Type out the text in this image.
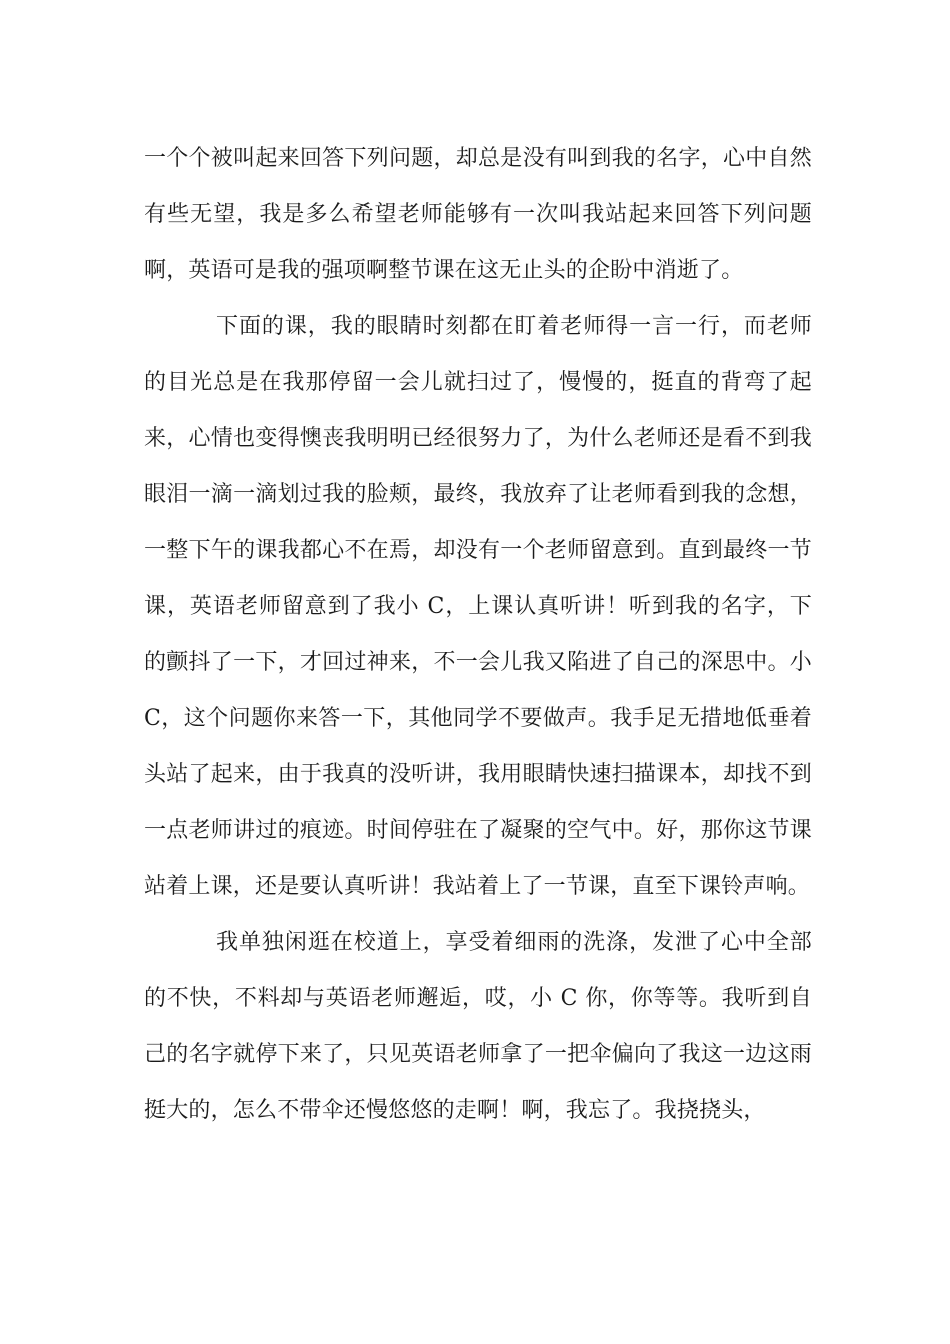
一个个被叫起来回答下列问题，却总是没有叫到我的名字，心中自然有些无望，我是多么希望老师能够有一次叫我站起来回答下列问题啊，英语可是我的强项啊整节课在这无止头的企盼中消逝了。

下面的课，我的眼睛时刻都在盯着老师得一言一行，而老师的目光总是在我那停留一会儿就扫过了，慢慢的，挺直的背弯了起来，心情也变得懊丧我明明已经很努力了，为什么老师还是看不到我眼泪一滴一滴划过我的脸颊，最终，我放弃了让老师看到我的念想，一整下午的课我都心不在焉，却没有一个老师留意到。直到最终一节课，英语老师留意到了我小 C，上课认真听讲！听到我的名字，下的颤抖了一下，才回过神来，不一会儿我又陷进了自己的深思中。小 C，这个问题你来答一下，其他同学不要做声。我手足无措地低垂着头站了起来，由于我真的没听讲，我用眼睛快速扫描课本，却找不到一点老师讲过的痕迹。时间停驻在了凝聚的空气中。好，那你这节课站着上课，还是要认真听讲！我站着上了一节课，直至下课铃声响。

我单独闲逛在校道上，享受着细雨的洗涤，发泄了心中全部的不快，不料却与英语老师邂逅，哎，小 C 你，你等等。我听到自己的名字就停下来了，只见英语老师拿了一把伞偏向了我这一边这雨挺大的，怎么不带伞还慢悠悠的走啊！啊，我忘了。我挠挠头，
